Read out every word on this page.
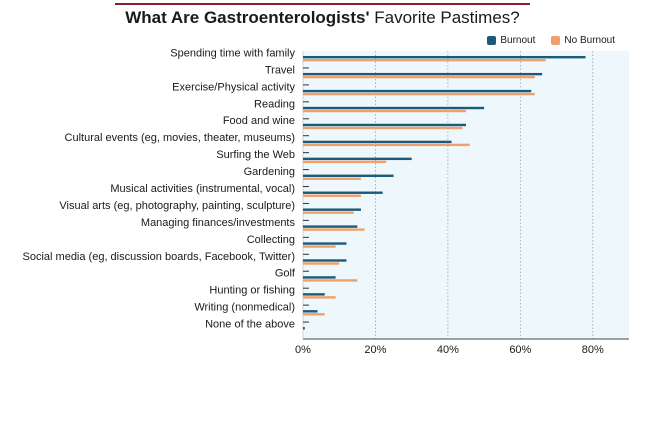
What Are Gastroenterologists' Favorite Pastimes?
Burnout	No Burnout
0%	20%	40%	60%	80%
Spending time with family
Travel
Exercise/Physical activity
Reading
Food and wine
Cultural events (eg, movies, theater, museums)
Surfing the Web
Gardening
Musical activities (instrumental, vocal)
Visual arts (eg, photography, painting, sculpture)
Managing finances/investments
Collecting
Social media (eg, discussion boards, Facebook, Twitter)
Golf
Hunting or fishing
Writing (nonmedical)
None of the above
